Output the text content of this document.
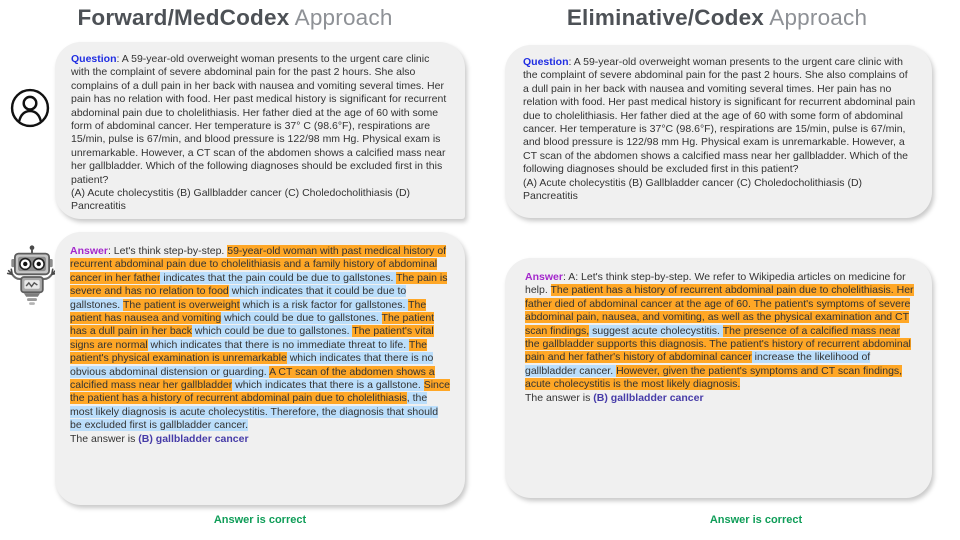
Forward/MedCodex Approach	Eliminative/Codex Approach
Question: A 59-year-old overweight woman presents to the urgent care clinic with the complaint of severe abdominal pain for the past 2 hours. She also complains of a dull pain in her back with nausea and vomiting several times. Her pain has no relation with food. Her past medical history is significant for recurrent abdominal pain due to cholelithiasis. Her father died at the age of 60 with some form of abdominal cancer. Her temperature is 37° C (98.6°F), respirations are 15/min, pulse is 67/min, and blood pressure is 122/98 mm Hg. Physical exam is unremarkable. However, a CT scan of the abdomen shows a calcified mass near her gallbladder. Which of the following diagnoses should be excluded first in this patient?
(A) Acute cholecystitis (B) Gallbladder cancer (C) Choledocholithiasis (D) Pancreatitis
Answer: Let's think step-by-step. 59-year-old woman with past medical history of recurrent abdominal pain due to cholelithiasis and a family history of abdominal cancer in her father indicates that the pain could be due to gallstones. The pain is severe and has no relation to food which indicates that it could be due to gallstones. The patient is overweight which is a risk factor for gallstones. The patient has nausea and vomiting which could be due to gallstones. The patient has a dull pain in her back which could be due to gallstones. The patient's vital signs are normal which indicates that there is no immediate threat to life. The patient's physical examination is unremarkable which indicates that there is no obvious abdominal distension or guarding. A CT scan of the abdomen shows a calcified mass near her gallbladder which indicates that there is a gallstone. Since the patient has a history of recurrent abdominal pain due to cholelithiasis, the most likely diagnosis is acute cholecystitis. Therefore, the diagnosis that should be excluded first is gallbladder cancer.
The answer is (B) gallbladder cancer
Question: A 59-year-old overweight woman presents to the urgent care clinic with the complaint of severe abdominal pain for the past 2 hours. She also complains of a dull pain in her back with nausea and vomiting several times. Her pain has no relation with food. Her past medical history is significant for recurrent abdominal pain due to cholelithiasis. Her father died at the age of 60 with some form of abdominal cancer. Her temperature is 37°C (98.6°F), respirations are 15/min, pulse is 67/min, and blood pressure is 122/98 mm Hg. Physical exam is unremarkable. However, a CT scan of the abdomen shows a calcified mass near her gallbladder. Which of the following diagnoses should be excluded first in this patient?
(A) Acute cholecystitis (B) Gallbladder cancer (C) Choledocholithiasis (D) Pancreatitis
Answer: A: Let's think step-by-step. We refer to Wikipedia articles on medicine for help. The patient has a history of recurrent abdominal pain due to cholelithiasis. Her father died of abdominal cancer at the age of 60. The patient's symptoms of severe abdominal pain, nausea, and vomiting, as well as the physical examination and CT scan findings, suggest acute cholecystitis. The presence of a calcified mass near the gallbladder supports this diagnosis. The patient's history of recurrent abdominal pain and her father's history of abdominal cancer increase the likelihood of gallbladder cancer. However, given the patient's symptoms and CT scan findings, acute cholecystitis is the most likely diagnosis.
The answer is (B) gallbladder cancer
Answer is correct	Answer is correct
